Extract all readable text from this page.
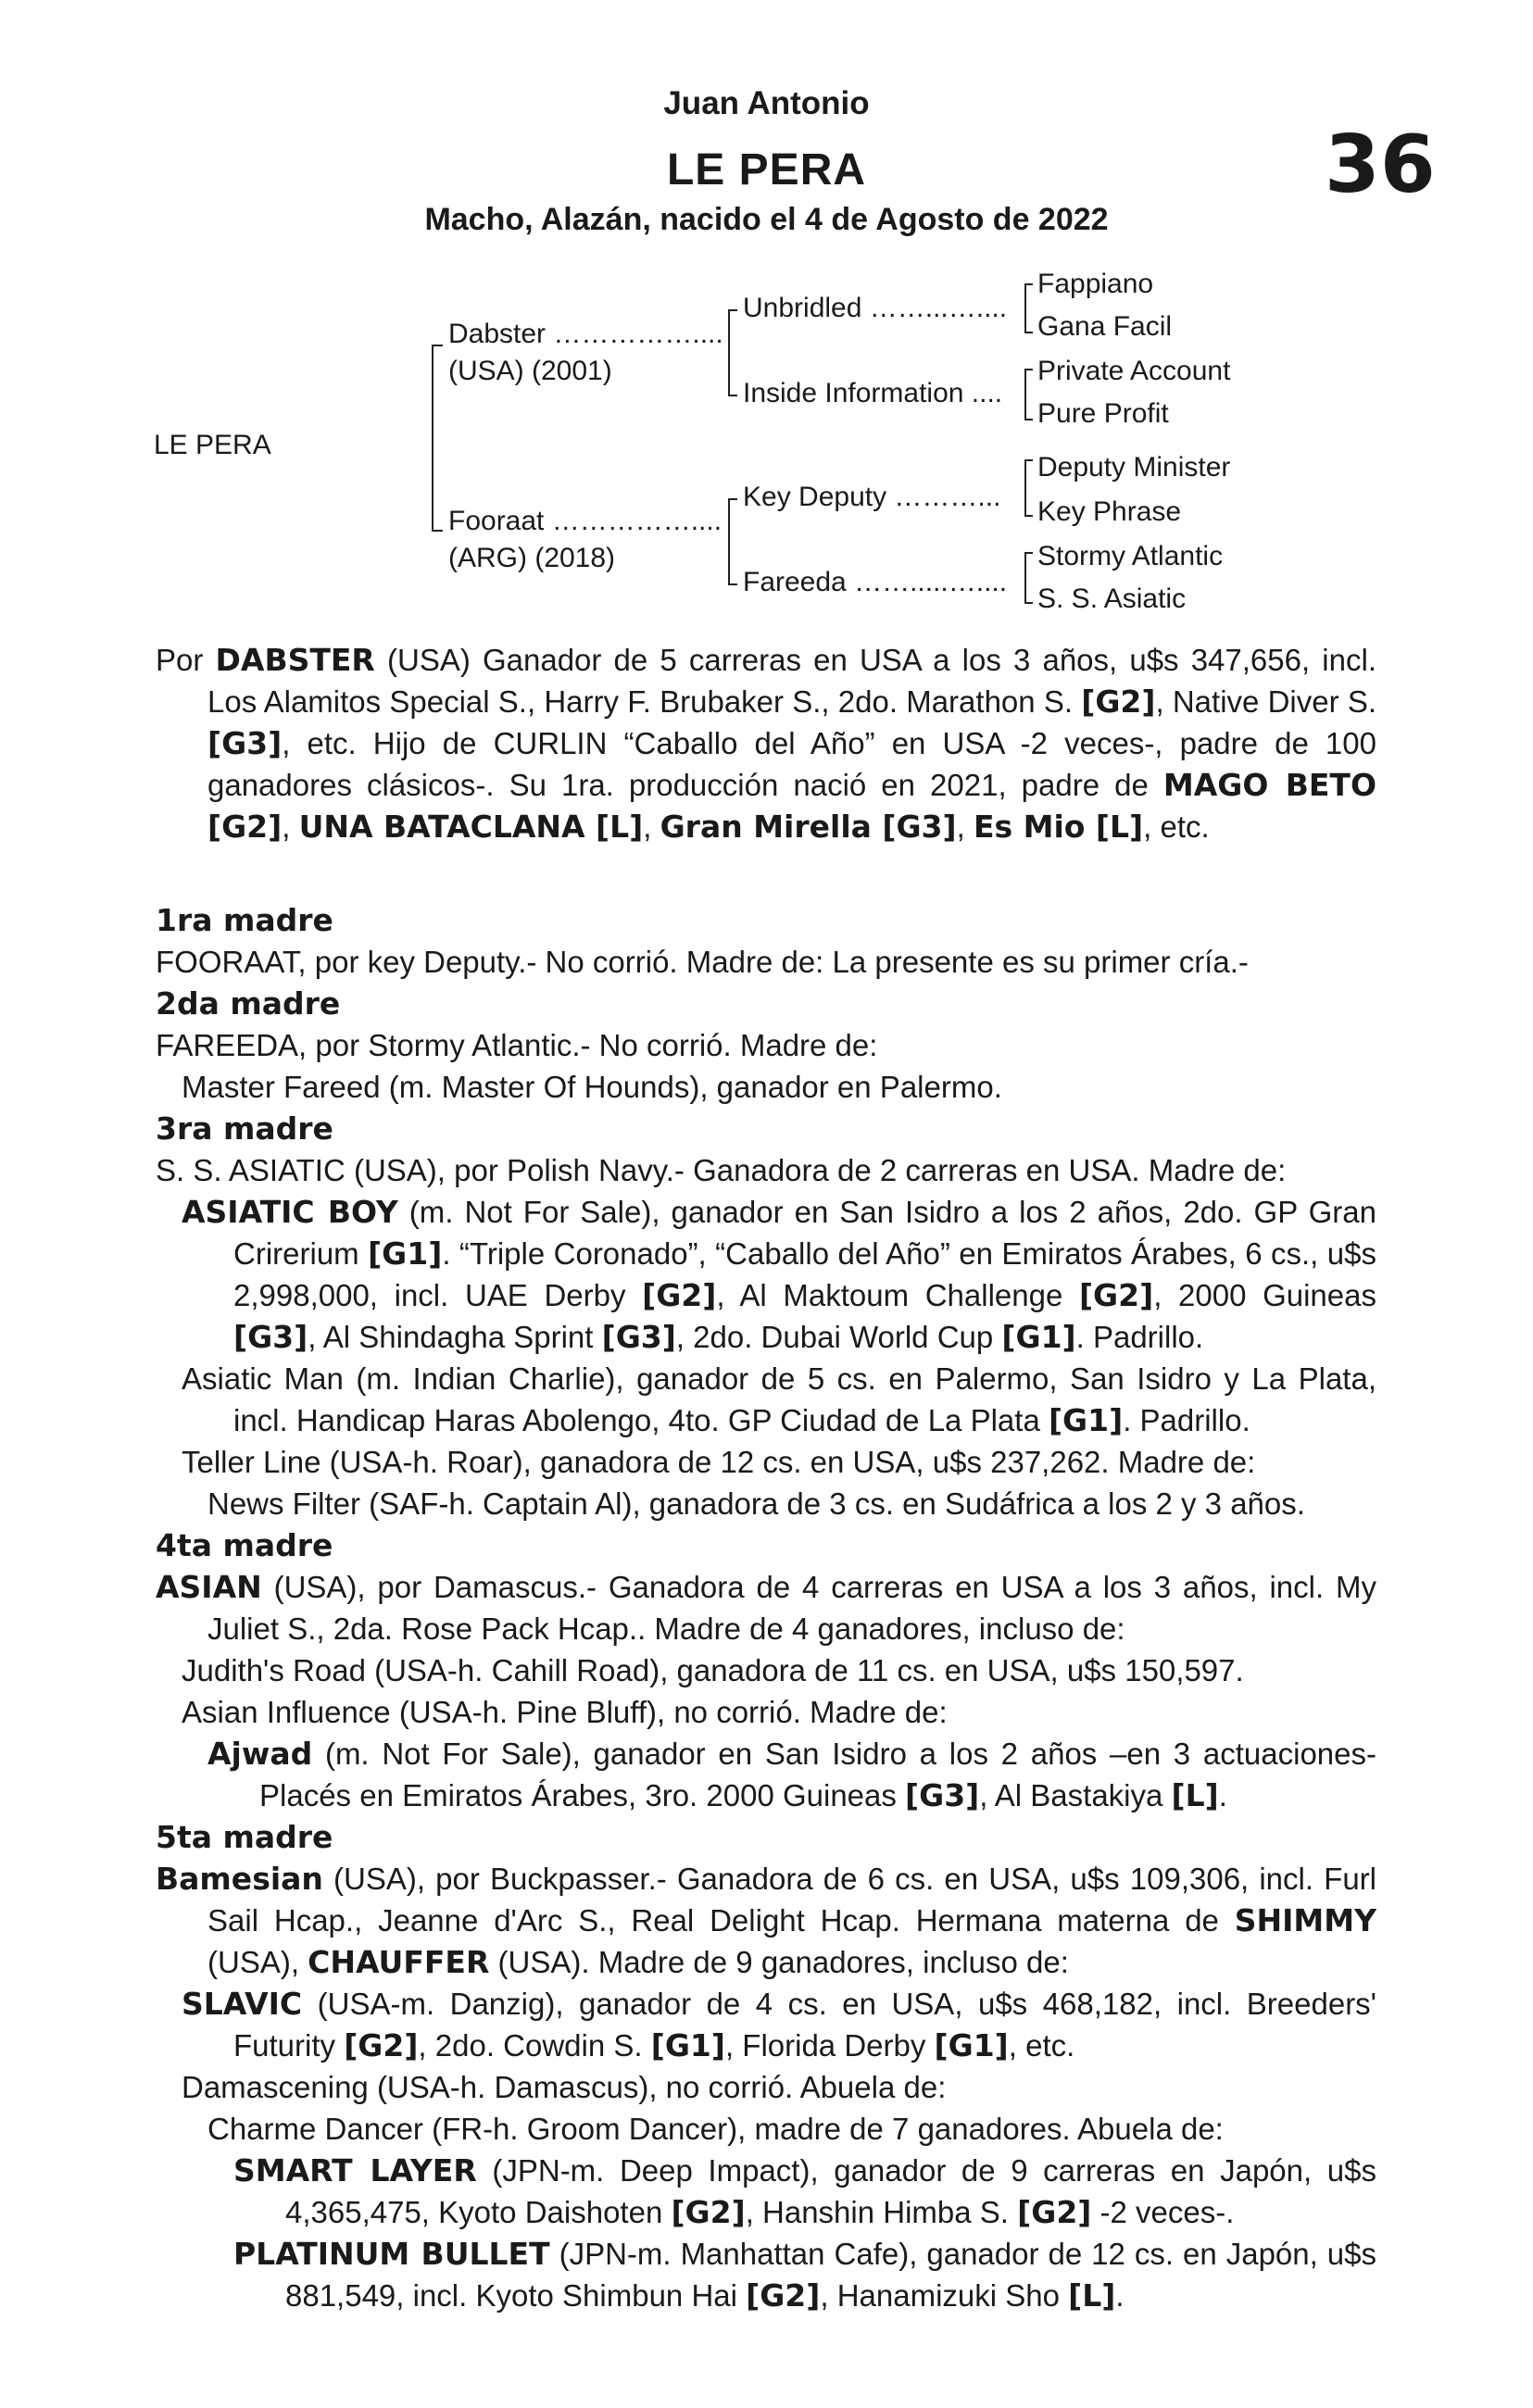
Juan Antonio
LE PERA
Macho, Alazán, nacido el 4 de Agosto de 2022
36
LE PERA
Dabster ……………....
(USA) (2001)
Fooraat ……………....
(ARG) (2018)
Unbridled ……...…....
Inside Information ....
Key Deputy ………...
Fareeda …….....…....
Fappiano
Gana Facil
Private Account
Pure Profit
Deputy Minister
Key Phrase
Stormy Atlantic
S. S. Asiatic

Por DABSTER (USA) Ganador de 5 carreras en USA a los 3 años, u$s 347,656, incl. Los Alamitos Special S., Harry F. Brubaker S., 2do. Marathon S. [G2], Native Diver S. [G3], etc. Hijo de CURLIN “Caballo del Año” en USA -2 veces-, padre de 100 ganadores clásicos-. Su 1ra. producción nació en 2021, padre de MAGO BETO [G2], UNA BATACLANA [L], Gran Mirella [G3], Es Mio [L], etc.

1ra madre

FOORAAT, por key Deputy.- No corrió. Madre de: La presente es su primer cría.-

2da madre

FAREEDA, por Stormy Atlantic.- No corrió. Madre de:

Master Fareed (m. Master Of Hounds), ganador en Palermo.

3ra madre

S. S. ASIATIC (USA), por Polish Navy.- Ganadora de 2 carreras en USA. Madre de:

ASIATIC BOY (m. Not For Sale), ganador en San Isidro a los 2 años, 2do. GP Gran Crirerium [G1]. “Triple Coronado”, “Caballo del Año” en Emiratos Árabes, 6 cs., u$s 2,998,000, incl. UAE Derby [G2], Al Maktoum Challenge [G2], 2000 Guineas [G3], Al Shindagha Sprint [G3], 2do. Dubai World Cup [G1]. Padrillo.

Asiatic Man (m. Indian Charlie), ganador de 5 cs. en Palermo, San Isidro y La Plata, incl. Handicap Haras Abolengo, 4to. GP Ciudad de La Plata [G1]. Padrillo.

Teller Line (USA-h. Roar), ganadora de 12 cs. en USA, u$s 237,262. Madre de:

News Filter (SAF-h. Captain Al), ganadora de 3 cs. en Sudáfrica a los 2 y 3 años.

4ta madre

ASIAN (USA), por Damascus.- Ganadora de 4 carreras en USA a los 3 años, incl. My Juliet S., 2da. Rose Pack Hcap.. Madre de 4 ganadores, incluso de:

Judith's Road (USA-h. Cahill Road), ganadora de 11 cs. en USA, u$s 150,597.

Asian Influence (USA-h. Pine Bluff), no corrió. Madre de:

Ajwad (m. Not For Sale), ganador en San Isidro a los 2 años –en 3 actuaciones- Placés en Emiratos Árabes, 3ro. 2000 Guineas [G3], Al Bastakiya [L].

5ta madre

Bamesian (USA), por Buckpasser.- Ganadora de 6 cs. en USA, u$s 109,306, incl. Furl Sail Hcap., Jeanne d'Arc S., Real Delight Hcap. Hermana materna de SHIMMY (USA), CHAUFFER (USA). Madre de 9 ganadores, incluso de:

SLAVIC (USA-m. Danzig), ganador de 4 cs. en USA, u$s 468,182, incl. Breeders' Futurity [G2], 2do. Cowdin S. [G1], Florida Derby [G1], etc.

Damascening (USA-h. Damascus), no corrió. Abuela de:

Charme Dancer (FR-h. Groom Dancer), madre de 7 ganadores. Abuela de:

SMART LAYER (JPN-m. Deep Impact), ganador de 9 carreras en Japón, u$s 4,365,475, Kyoto Daishoten [G2], Hanshin Himba S. [G2] -2 veces-.

PLATINUM BULLET (JPN-m. Manhattan Cafe), ganador de 12 cs. en Japón, u$s 881,549, incl. Kyoto Shimbun Hai [G2], Hanamizuki Sho [L].
